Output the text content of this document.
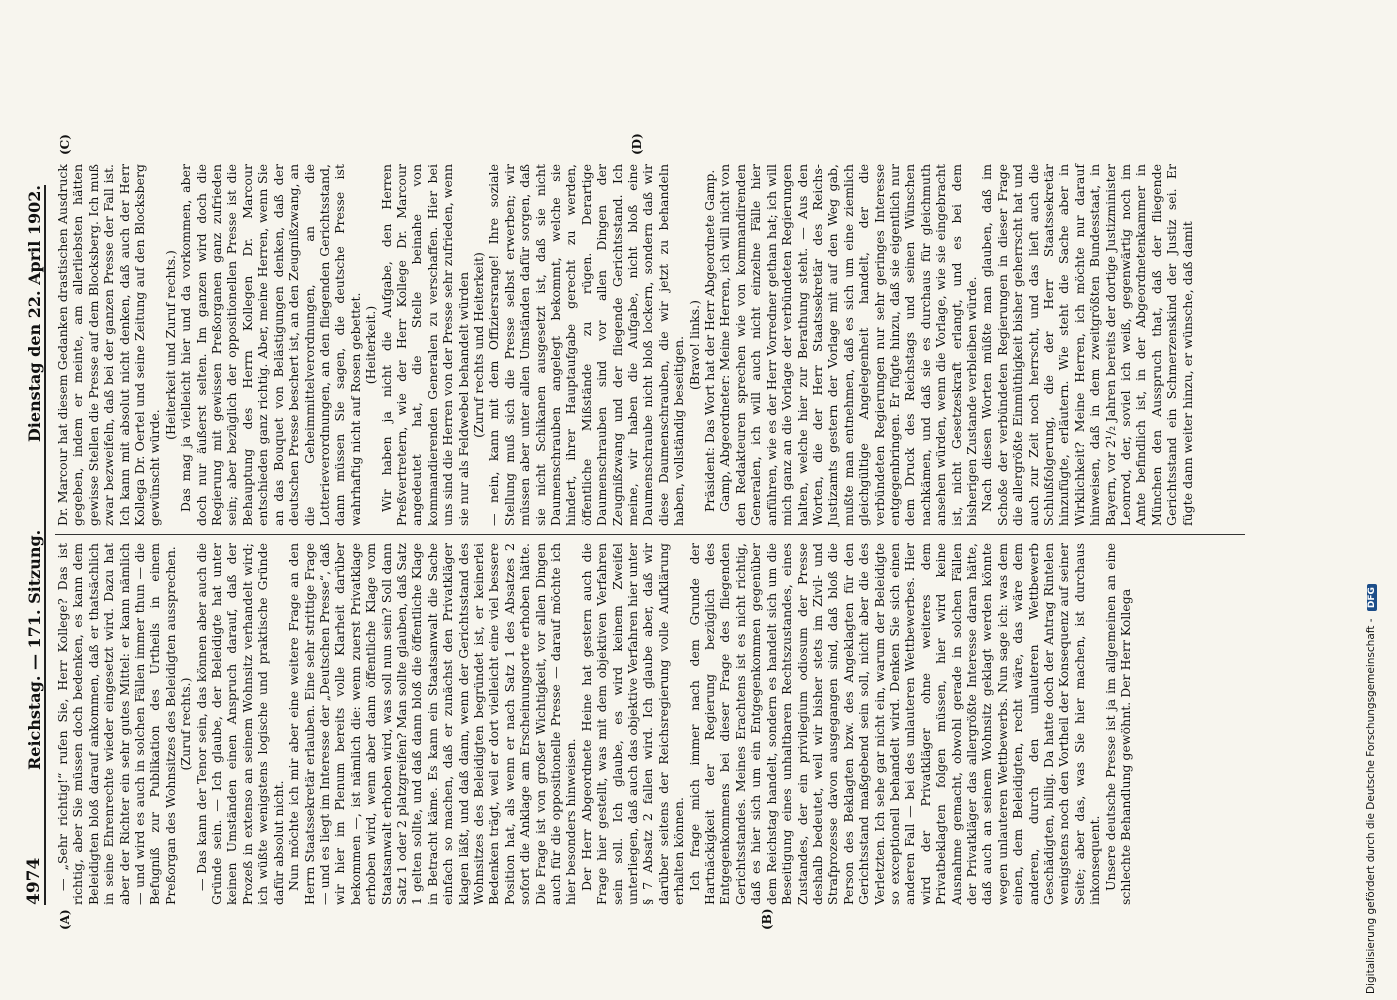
4974
Reichstag. — 171. Sitzung.
Dienstag den 22. April 1902.
(A)	(B)
(C)	(D)

— „Sehr richtig!“ rufen Sie, Herr Kollege? Das ist richtig, aber Sie müssen doch bedenken, es kann dem Beleidigten bloß darauf ankommen, daß er thatsächlich in seine Ehrenrechte wieder eingesetzt wird. Dazu hat aber der Richter ein sehr gutes Mittel: er kann nämlich — und wird es auch in solchen Fällen immer thun — die Befugniß zur Publikation des Urtheils in einem Preßorgan des Wohnsitzes des Beleidigten aussprechen. (Zuruf rechts.) — Das kann der Tenor sein, das können aber auch die Gründe sein. — Ich glaube, der Beleidigte hat unter keinen Umständen einen Anspruch darauf, daß der Prozeß in extenso an seinem Wohnsitz verhandelt wird; ich wüßte wenigstens logische und praktische Gründe dafür absolut nicht. Nun möchte ich mir aber eine weitere Frage an den Herrn Staatssekretär erlauben. Eine sehr strittige Frage — und es liegt im Interesse der „Deutschen Presse“, daß wir hier im Plenum bereits volle Klarheit darüber bekommen —, ist nämlich die: wenn zuerst Privatklage erhoben wird, wenn aber dann öffentliche Klage vom Staatsanwalt erhoben wird, was soll nun sein? Soll dann Satz 1 oder 2 platzgreifen? Man sollte glauben, daß Satz 1 gelten sollte, und daß dann bloß die öffentliche Klage in Betracht käme. Es kann ein Staatsanwalt die Sache einfach so machen, daß er zunächst den Privatkläger klagen läßt, und daß dann, wenn der Gerichtsstand des Wohnsitzes des Beleidigten begründet ist, er keinerlei Bedenken trägt, weil er dort vielleicht eine viel bessere Position hat, als wenn er nach Satz 1 des Absatzes 2 sofort die Anklage am Erscheinungsorte erhoben hätte. Die Frage ist von großer Wichtigkeit, vor allen Dingen auch für die oppositionelle Presse — darauf möchte ich hier besonders hinweisen. Der Herr Abgeordnete Heine hat gestern auch die Frage hier gestellt, was mit dem objektiven Verfahren sein soll. Ich glaube, es wird keinem Zweifel unterliegen, daß auch das objektive Verfahren hier unter § 7 Absatz 2 fallen wird. Ich glaube aber, daß wir darüber seitens der Reichsregierung volle Aufklärung erhalten können. Ich frage mich immer nach dem Grunde der Hartnäckigkeit der Regierung bezüglich des Entgegenkommens bei dieser Frage des fliegenden Gerichtsstandes. Meines Erachtens ist es nicht richtig, daß es hier sich um ein Entgegenkommen gegenüber dem Reichstag handelt, sondern es handelt sich um die Beseitigung eines unhaltbaren Rechtszustandes, eines Zustandes, der ein privilegium odiosum der Presse deshalb bedeutet, weil wir bisher stets im Zivil- und Strafprozesse davon ausgegangen sind, daß bloß die Person des Beklagten bzw. des Angeklagten für den Gerichtsstand maßgebend sein soll, nicht aber die des Verletzten. Ich sehe gar nicht ein, warum der Beleidigte so exceptionell behandelt wird. Denken Sie sich einen anderen Fall — bei des unlauteren Wettbewerbes. Hier wird der Privatkläger ohne weiteres dem Privatbeklagten folgen müssen, hier wird keine Ausnahme gemacht, obwohl gerade in solchen Fällen der Privatkläger das allergrößte Interesse daran hätte, daß auch an seinem Wohnsitz geklagt werden könnte wegen unlauteren Wettbewerbs. Nun sage ich: was dem einen, dem Beleidigten, recht wäre, das wäre dem anderen, durch den unlauteren Wettbewerb Geschädigten, billig. Da hatte doch der Antrag Rintelen wenigstens noch den Vortheil der Konsequenz auf seiner Seite; aber das, was Sie hier machen, ist durchaus inkonsequent. Unsere deutsche Presse ist ja im allgemeinen an eine schlechte Behandlung gewöhnt. Der Herr Kollega

Dr. Marcour hat diesem Gedanken drastischen Ausdruck gegeben, indem er meinte, am allerliebsten hätten gewisse Stellen die Presse auf dem Blocksberg. Ich muß zwar bezweifeln, daß bei der ganzen Presse der Fall ist. Ich kann mit absolut nicht denken, daß auch der Herr Kollega Dr. Oertel und seine Zeitung auf den Blocksberg gewünscht würde.

(Heiterkeit und Zuruf rechts.) Das mag ja vielleicht hier und da vorkommen, aber doch nur äußerst selten. Im ganzen wird doch die Regierung mit gewissen Preßorganen ganz zufrieden sein; aber bezüglich der oppositionellen Presse ist die Behauptung des Herrn Kollegen Dr. Marcour entschieden ganz richtig. Aber, meine Herren, wenn Sie an das Bouquet von Belästigungen denken, daß der deutschen Presse beschert ist, an den Zeugnißzwang, an die Geheimmittelverordnungen, an die Lotterieverordnungen, an den fliegenden Gerichtsstand, dann müssen Sie sagen, die deutsche Presse ist wahrhaftig nicht auf Rosen gebettet. (Heiterkeit.) Wir haben ja nicht die Aufgabe, den Herren Preßvertretern, wie der Herr Kollege Dr. Marcour angedeutet hat, die Stelle beinahe von kommandierenden Generalen zu verschaffen. Hier bei uns sind die Herren von der Presse sehr zufrieden, wenn sie nur als Feldwebel behandelt würden (Zuruf rechts und Heiterkeit) — nein, kann mit dem Offiziersrange! Ihre soziale Stellung muß sich die Presse selbst erwerben; wir müssen aber unter allen Umständen dafür sorgen, daß sie nicht Schikanen ausgesetzt ist, daß sie nicht Daumenschrauben angelegt bekommt, welche sie hindert, ihrer Hauptaufgabe gerecht zu werden, öffentliche Mißstände zu rügen. Derartige Daumenschrauben sind vor allen Dingen der Zeugnißzwang und der fliegende Gerichtsstand. Ich meine, wir haben die Aufgabe, nicht bloß eine Daumenschraube nicht bloß lockern, sondern daß wir diese Daumenschrauben, die wir jetzt zu behandeln haben, vollständig beseitigen. (Bravo! links.) Präsident: Das Wort hat der Herr Abgeordnete Gamp. Gamp, Abgeordneter: Meine Herren, ich will nicht von den Redakteuren sprechen wie von kommandirenden Generalen, ich will auch nicht einzelne Fälle hier anführen, wie es der Herr Vorredner gethan hat; ich will mich ganz an die Vorlage der verbündeten Regierungen halten, welche hier zur Berathung steht. — Aus den Worten, die der Herr Staatssekretär des Reichs-Justizamts gestern der Vorlage mit auf den Weg gab, mußte man entnehmen, daß es sich um eine ziemlich gleichgültige Angelegenheit handelt, der die verbündeten Regierungen nur sehr geringes Interesse entgegenbringen. Er fügte hinzu, daß sie eigentlich nur dem Druck des Reichstags und seinen Wünschen nachkämen, und daß sie es durchaus für gleichmuth ansehen würden, wenn die Vorlage, wie sie eingebracht ist, nicht Gesetzeskraft erlangt, und es bei dem bisherigen Zustande verbleiben würde. Nach diesen Worten müßte man glauben, daß im Schoße der verbündeten Regierungen in dieser Frage die allergrößte Einmüthigkeit bisher geherrscht hat und auch zur Zeit noch herrscht, und das lieſt auch die Schlußfolgerung, die der Herr Staatssekretär hinzufügte, erläutern. Wie steht die Sache aber in Wirklichkeit? Meine Herren, ich möchte nur darauf hinweisen, daß in dem zweitgrößten Bundesstaat, in Bayern, vor 2¹/₂ Jahren bereits der dortige Justizminister Leonrod, der, soviel ich weiß, gegenwärtig noch im Amte befindlich ist, in der Abgeordnetenkammer in München den Ausspruch that, daß der fliegende Gerichtsstand ein Schmerzenskind der Justiz sei. Er fügte dann weiter hinzu, er wünsche, daß damit

Digitalisierung gefördert durch die Deutsche Forschungsgemeinschaft - DFG
